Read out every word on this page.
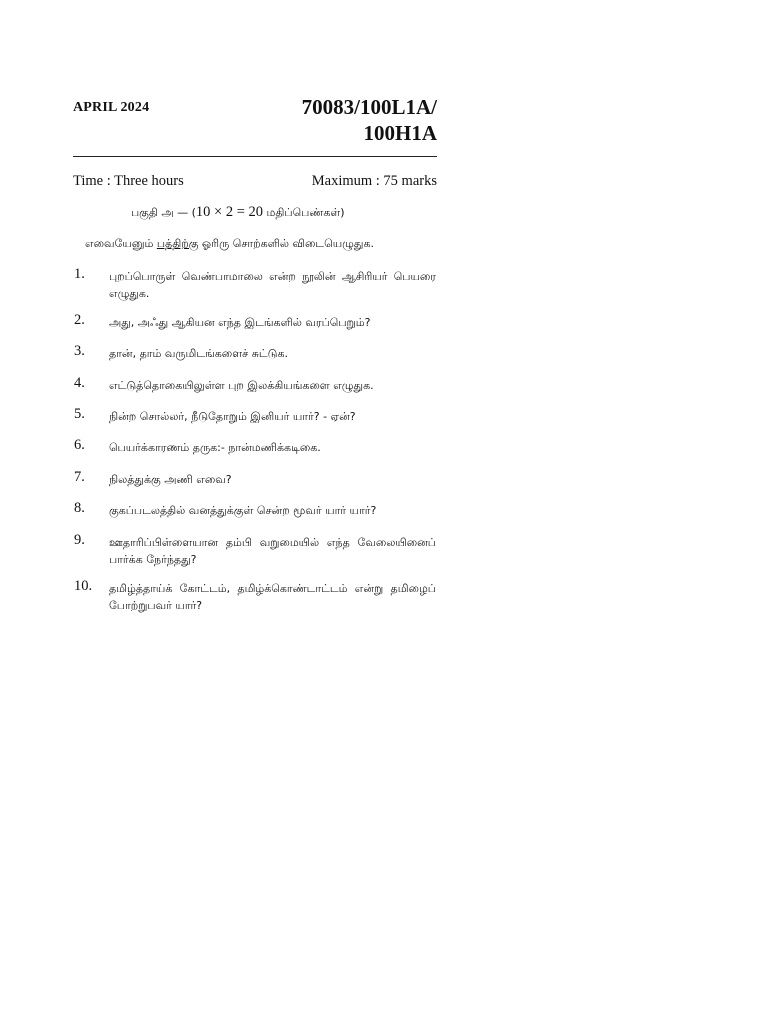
APRIL 2024	70083/100L1A/
100H1A
Time : Three hours	Maximum : 75 marks
பகுதி அ — (10 × 2 = 20 மதிப்பெண்கள்)
எவையேனும் பத்திற்கு ஓரிரு சொற்களில் விடையெழுதுக.
1. புறப்பொருள் வெண்பாமாலை என்ற நூலின் ஆசிரியர் பெயரை எழுதுக.
2. அது, அஃது ஆகியன எந்த இடங்களில் வரப்பெறும்?
3. தான், தாம் வருமிடங்களைச் சுட்டுக.
4. எட்டுத்தொகையிலுள்ள புற இலக்கியங்களை எழுதுக.
5. நின்ற சொல்லர், நீடுதோறும் இனியர் யார்? - ஏன்?
6. பெயர்க்காரணம் தருக:- நான்மணிக்கடிகை.
7. நிலத்துக்கு அணி எவை?
8. குகப்படலத்தில் வனத்துக்குள் சென்ற மூவர் யார் யார்?
9. ஊதாரிப்பிள்ளையான தம்பி வறுமையில் எந்த வேலையினைப் பார்க்க நேர்ந்தது?
10. தமிழ்த்தாய்க் கோட்டம், தமிழ்க்கொண்டாட்டம் என்று தமிழைப் போற்றுபவர் யார்?
